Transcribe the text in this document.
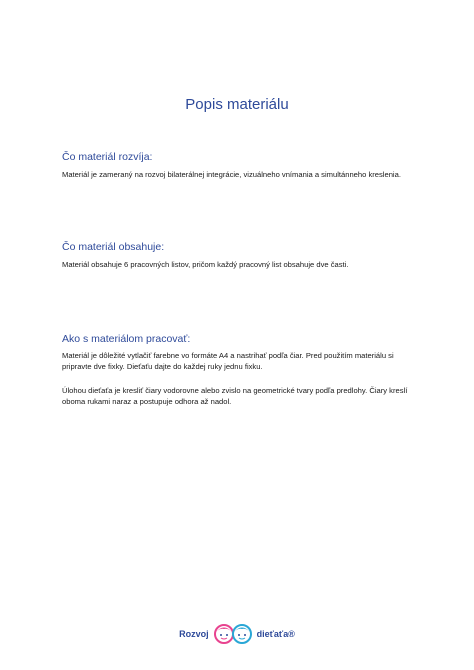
Popis materiálu
Čo materiál rozvíja:
Materiál je zameraný na rozvoj bilaterálnej integrácie, vizuálneho vnímania a simultánneho kreslenia.
Čo materiál obsahuje:
Materiál obsahuje 6 pracovných listov, pričom každý pracovný list obsahuje dve časti.
Ako s materiálom pracovať:
Materiál je dôležité vytlačiť farebne vo formáte A4 a nastrihať podľa čiar. Pred použitím materiálu si pripravte dve fixky. Dieťaťu dajte do každej ruky jednu fixku.
Úlohou dieťaťa je kresliť čiary vodorovne alebo zvislo na geometrické tvary podľa predlohy. Čiary kreslí oboma rukami naraz a postupuje odhora až nadol.
Rozvoj	dieťaťa®
